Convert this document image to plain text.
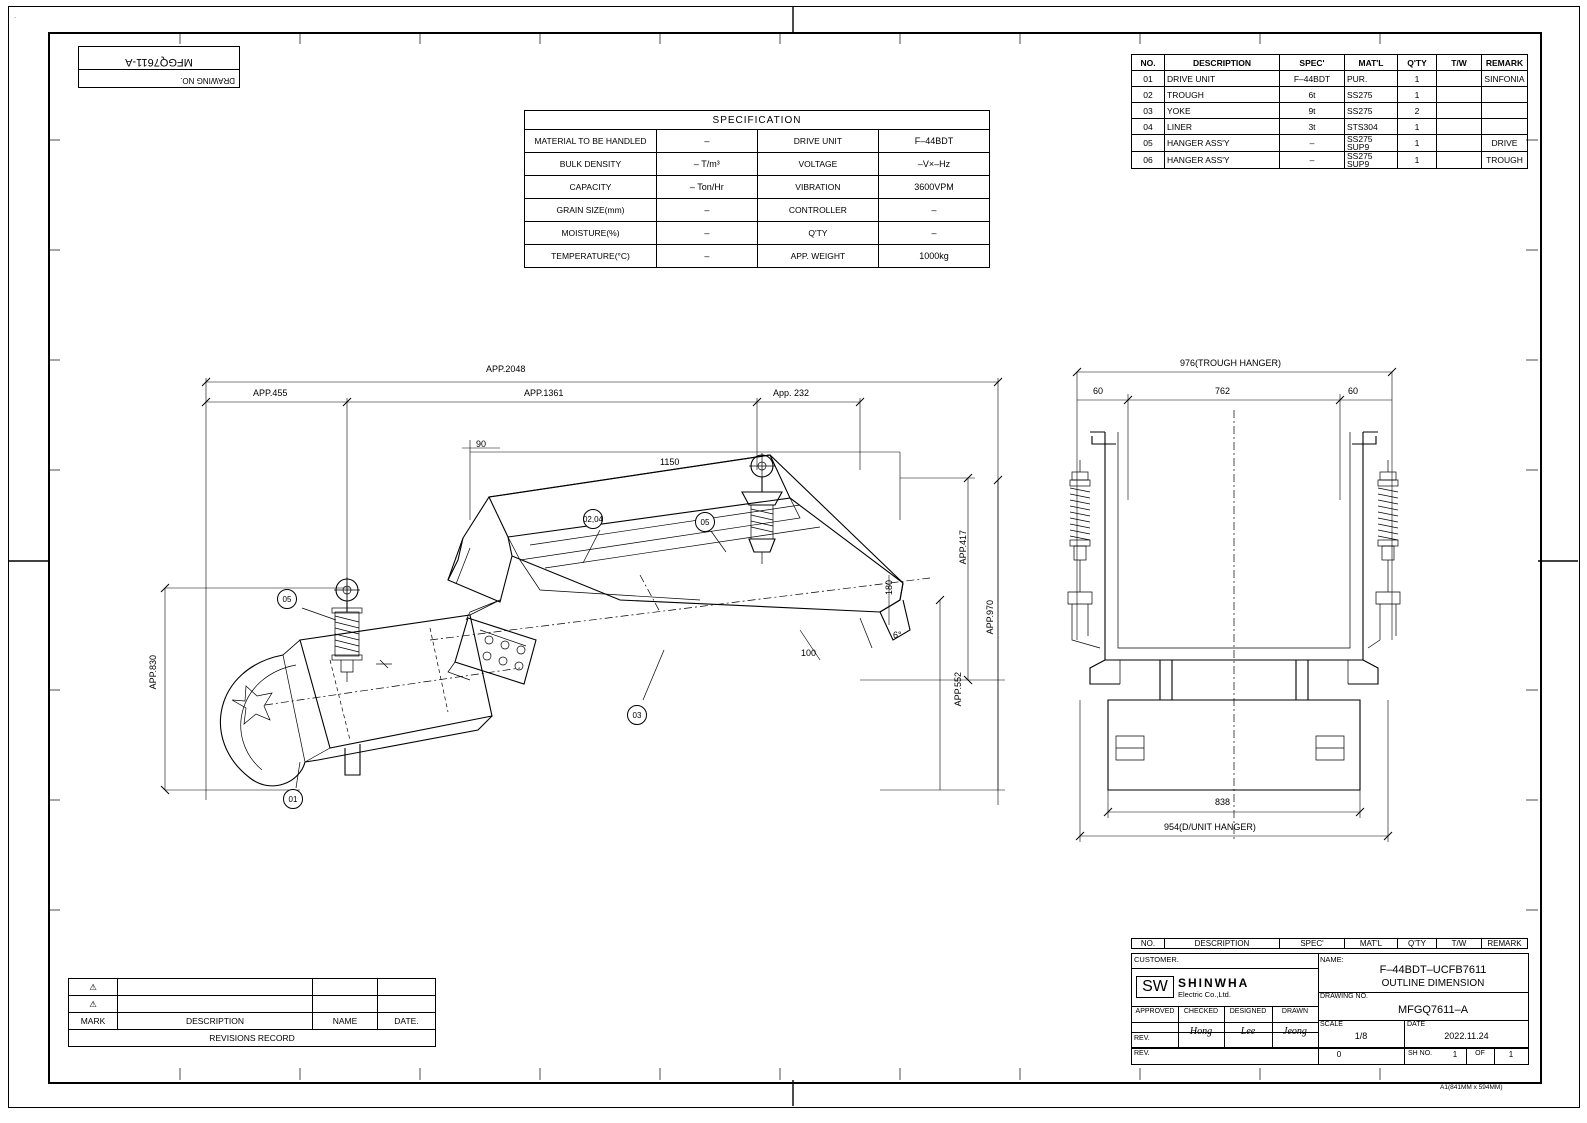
DRAWING NO.
MFGQ7611-A
SPECIFICATION			
MATERIAL TO BE HANDLED	–	DRIVE UNIT	F–44BDT
BULK DENSITY	– T/m³	VOLTAGE	–V×–Hz
CAPACITY	– Ton/Hr	VIBRATION	3600VPM
GRAIN SIZE(mm)	–	CONTROLLER	–
MOISTURE(%)	–	Q'TY	–
TEMPERATURE(°C)	–	APP. WEIGHT	1000kg
NO.	DESCRIPTION	SPEC'	MAT'L	Q'TY	T/W	REMARK
01	DRIVE UNIT	F–44BDT	PUR.	1		SINFONIA
02	TROUGH	6t	SS275	1		
03	YOKE	9t	SS275	2		
04	LINER	3t	STS304	1		
05	HANGER ASS'Y	–	SS275 SUP9	1		DRIVE
06	HANGER ASS'Y	–	SS275 SUP9	1		TROUGH
APP.2048
APP.455	APP.1361	App. 232
90
1150
APP.417
APP.970
APP.552
APP.830
180
100
6°
02,04	05
05
03
01
976(TROUGH HANGER)
60	762	60
838
954(D/UNIT HANGER)
NO.	DESCRIPTION	SPEC'	MAT'L	Q'TY	T/W	REMARK
CUSTOMER.
SW SHINWHA
Electric Co.,Ltd.
APPROVED	CHECKED	DESIGNED	DRAWN
Hong	Lee	Jeong
NAME:
F–44BDT–UCFB7611
OUTLINE DIMENSION
DRAWING NO.
MFGQ7611–A
SCALE
1/8
DATE
2022.11.24
REV.
REV.	0	SH NO.	1	OF	1
⚠			
⚠			
MARK	DESCRIPTION	NAME	DATE.
REVISIONS RECORD			
A1(841MM x 594MM)
·
